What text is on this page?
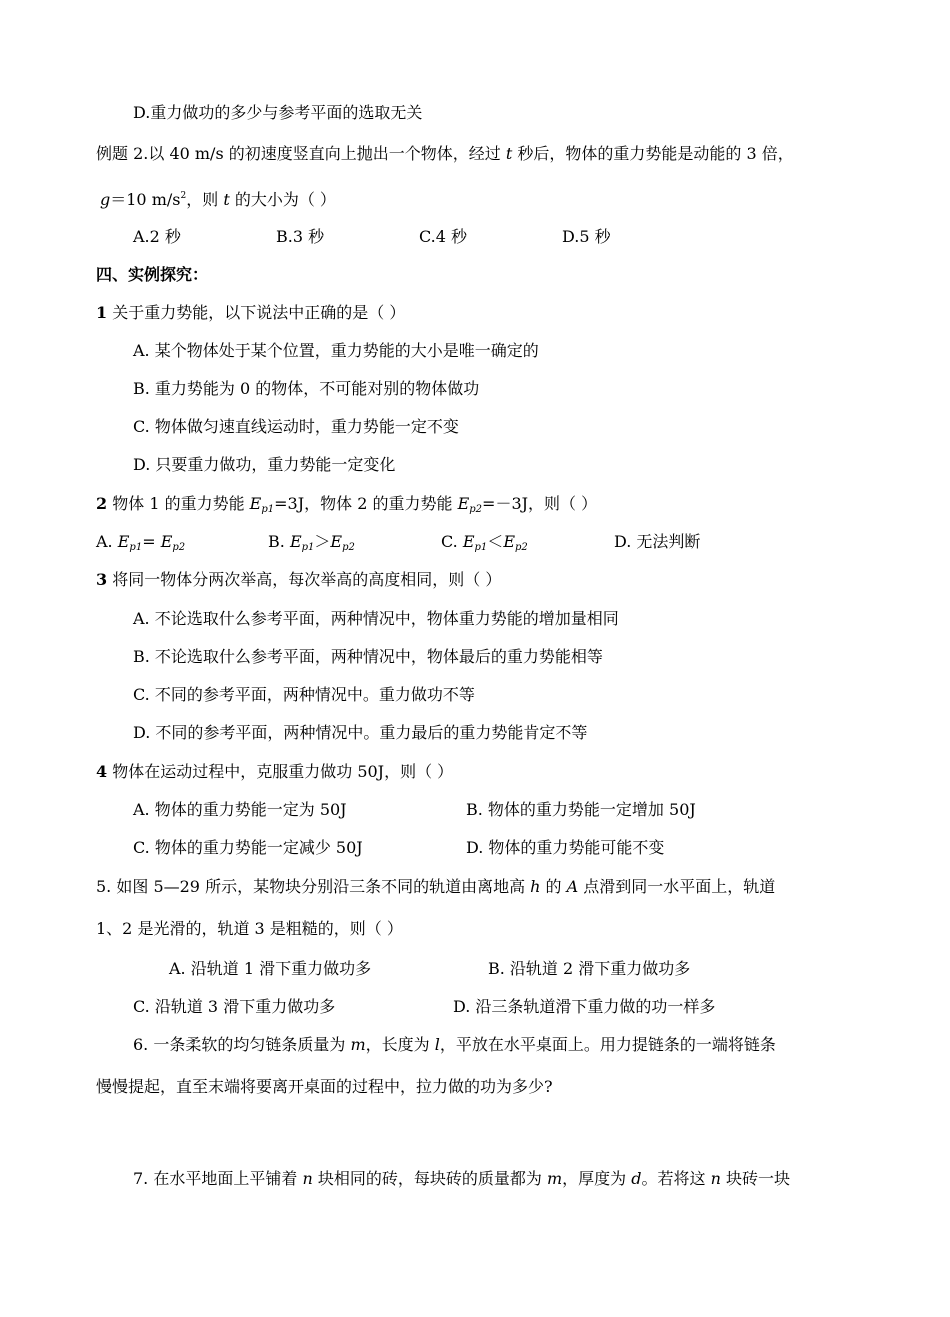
D.重力做功的多少与参考平面的选取无关
例题 2.以 40 m/s 的初速度竖直向上抛出一个物体，经过 t 秒后，物体的重力势能是动能的 3 倍，
g＝10 $m/s^2$，则 t 的大小为（ ）
A.2 秒	B.3 秒	C.4 秒	D.5 秒
四、实例探究：
1 关于重力势能，以下说法中正确的是（ ）
A. 某个物体处于某个位置，重力势能的大小是唯一确定的
B. 重力势能为 0 的物体，不可能对别的物体做功
C. 物体做匀速直线运动时，重力势能一定不变
D. 只要重力做功，重力势能一定变化
2 物体 1 的重力势能 $E_{p1}=3J$，物体 2 的重力势能 $E_{p2}=-3J$，则（ ）
A. $E_{p1}= E_{p2}$	B. $E_{p1}>E_{p2}$	C. $E_{p1}<E_{p2}$	D. 无法判断
3 将同一物体分两次举高，每次举高的高度相同，则（ ）
A. 不论选取什么参考平面，两种情况中，物体重力势能的增加量相同
B. 不论选取什么参考平面，两种情况中，物体最后的重力势能相等
C. 不同的参考平面，两种情况中。重力做功不等
D. 不同的参考平面，两种情况中。重力最后的重力势能肯定不等
4 物体在运动过程中，克服重力做功 50J，则（ ）
A. 物体的重力势能一定为 50J	B. 物体的重力势能一定增加 50J
C. 物体的重力势能一定减少 50J	D. 物体的重力势能可能不变
5. 如图 5—29 所示，某物块分别沿三条不同的轨道由离地高 h 的 A 点滑到同一水平面上，轨道
1、2 是光滑的，轨道 3 是粗糙的，则（ ）
A. 沿轨道 1 滑下重力做功多	B. 沿轨道 2 滑下重力做功多
C. 沿轨道 3 滑下重力做功多	D. 沿三条轨道滑下重力做的功一样多
6. 一条柔软的均匀链条质量为 m，长度为 l，平放在水平桌面上。用力提链条的一端将链条
慢慢提起，直至末端将要离开桌面的过程中，拉力做的功为多少?
7. 在水平地面上平铺着 n 块相同的砖，每块砖的质量都为 m，厚度为 d。若将这 n 块砖一块
